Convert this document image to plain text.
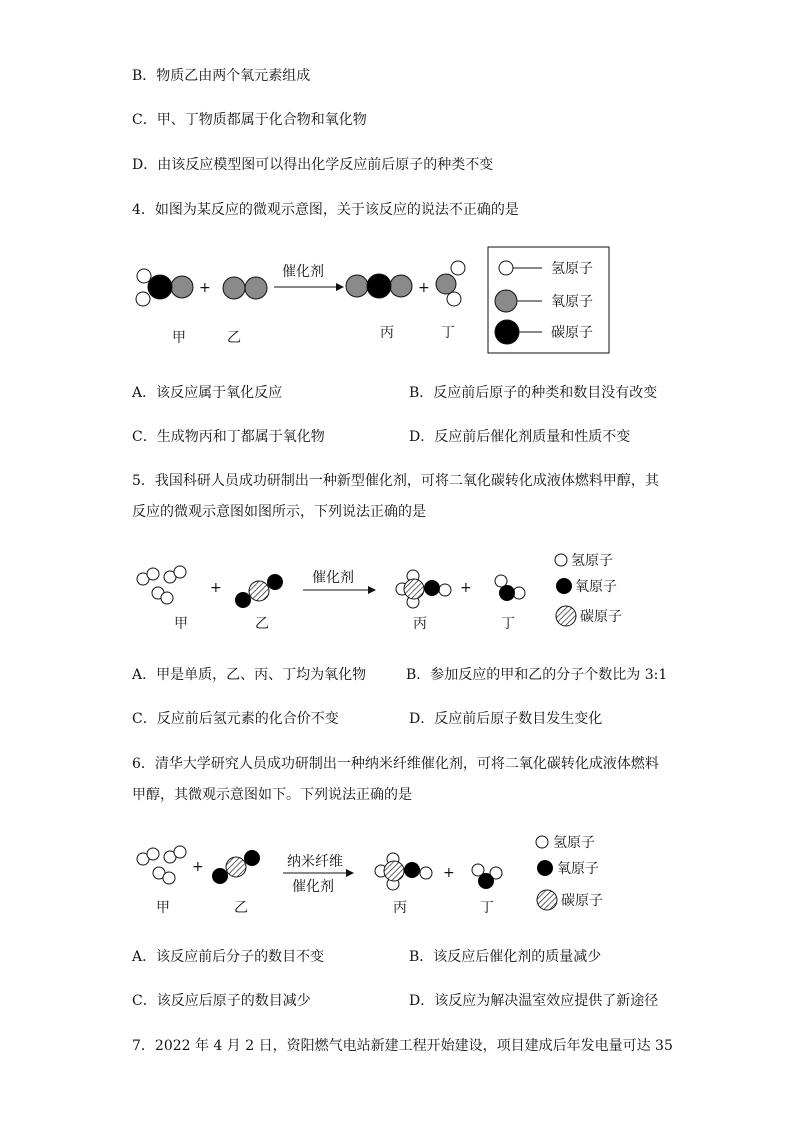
B．物质乙由两个氧元素组成
C．甲、丁物质都属于化合物和氧化物
D．由该反应模型图可以得出化学反应前后原子的种类不变
4．如图为某反应的微观示意图，关于该反应的说法不正确的是
+
催化剂
+
甲	乙	丙	丁
氢原子
氧原子
碳原子
A．该反应属于氧化反应	B．反应前后原子的种类和数目没有改变
C．生成物丙和丁都属于氧化物	D．反应前后催化剂质量和性质不变
5．我国科研人员成功研制出一种新型催化剂，可将二氧化碳转化成液体燃料甲醇，其
反应的微观示意图如图所示，下列说法正确的是
+
催化剂
+
甲	乙	丙	丁
氢原子
氧原子
碳原子
A．甲是单质，乙、丙、丁均为氧化物	B．参加反应的甲和乙的分子个数比为 3:1
C．反应前后氢元素的化合价不变	D．反应前后原子数目发生变化
6．清华大学研究人员成功研制出一种纳米纤维催化剂，可将二氧化碳转化成液体燃料
甲醇，其微观示意图如下。下列说法正确的是
+	纳米纤维
催化剂
+
甲	乙	丙	丁
氢原子
氧原子
碳原子
A．该反应前后分子的数目不变	B．该反应后催化剂的质量减少
C．该反应后原子的数目减少	D．该反应为解决温室效应提供了新途径
7．2022 年 4 月 2 日，资阳燃气电站新建工程开始建设，项目建成后年发电量可达 35
